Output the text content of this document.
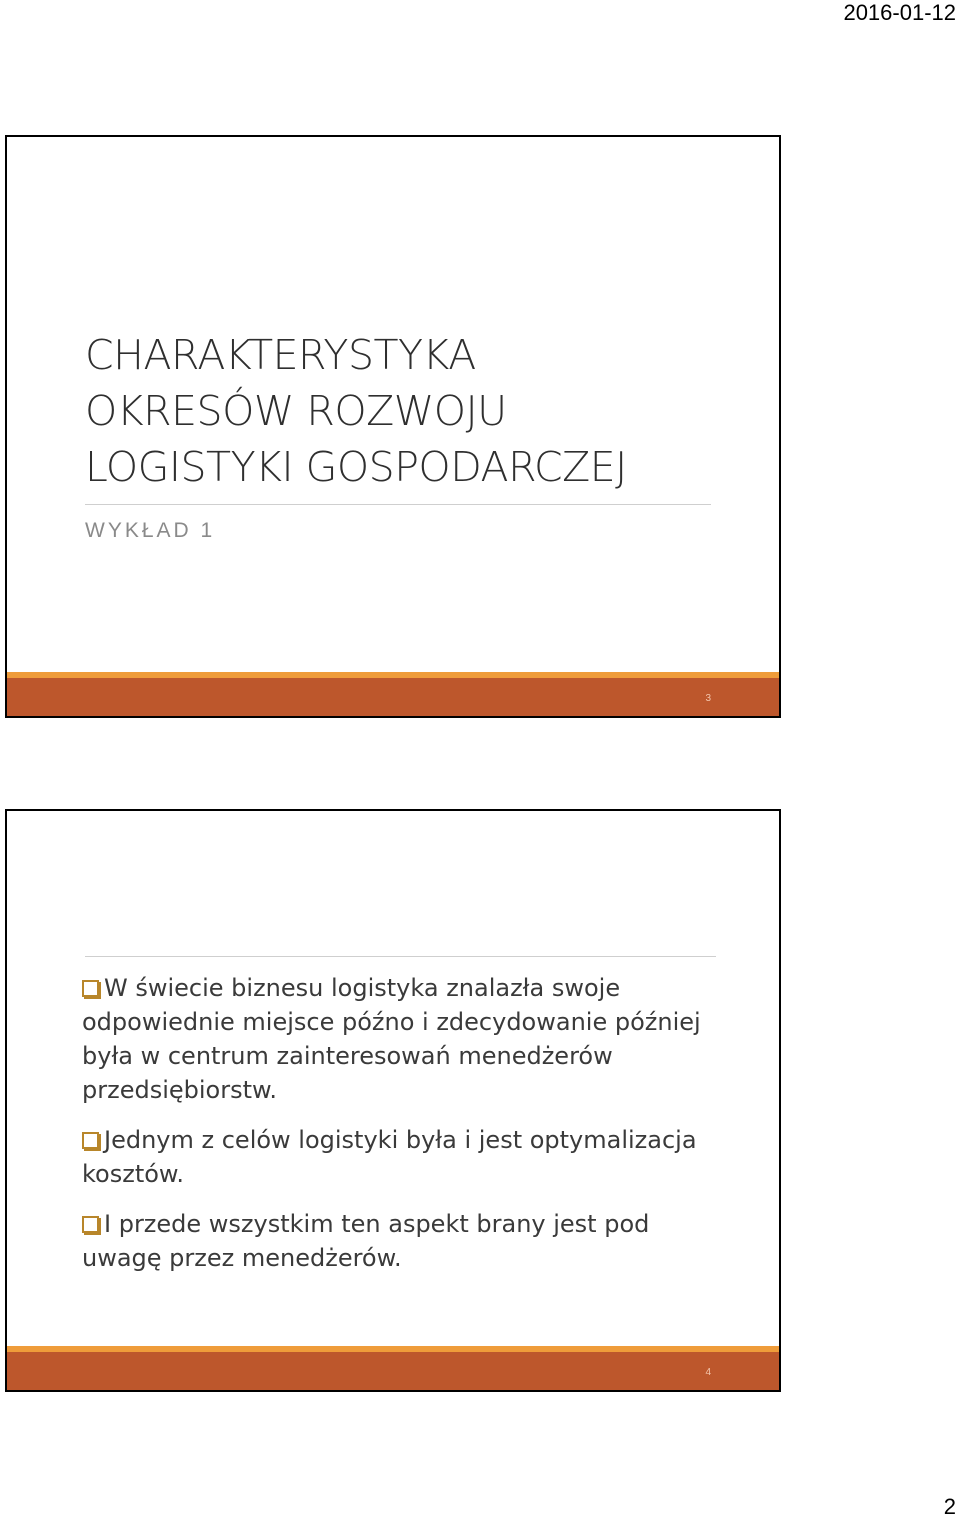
2016-01-12
CHARAKTERYSTYKA
OKRESÓW ROZWOJU
LOGISTYKI GOSPODARCZEJ
WYKŁAD 1
3
W świecie biznesu logistyka znalazła swoje odpowiednie miejsce późno i zdecydowanie później była w centrum zainteresowań menedżerów przedsiębiorstw.
Jednym z celów logistyki była i jest optymalizacja kosztów.
I przede wszystkim ten aspekt brany jest pod uwagę przez menedżerów.
4
2
